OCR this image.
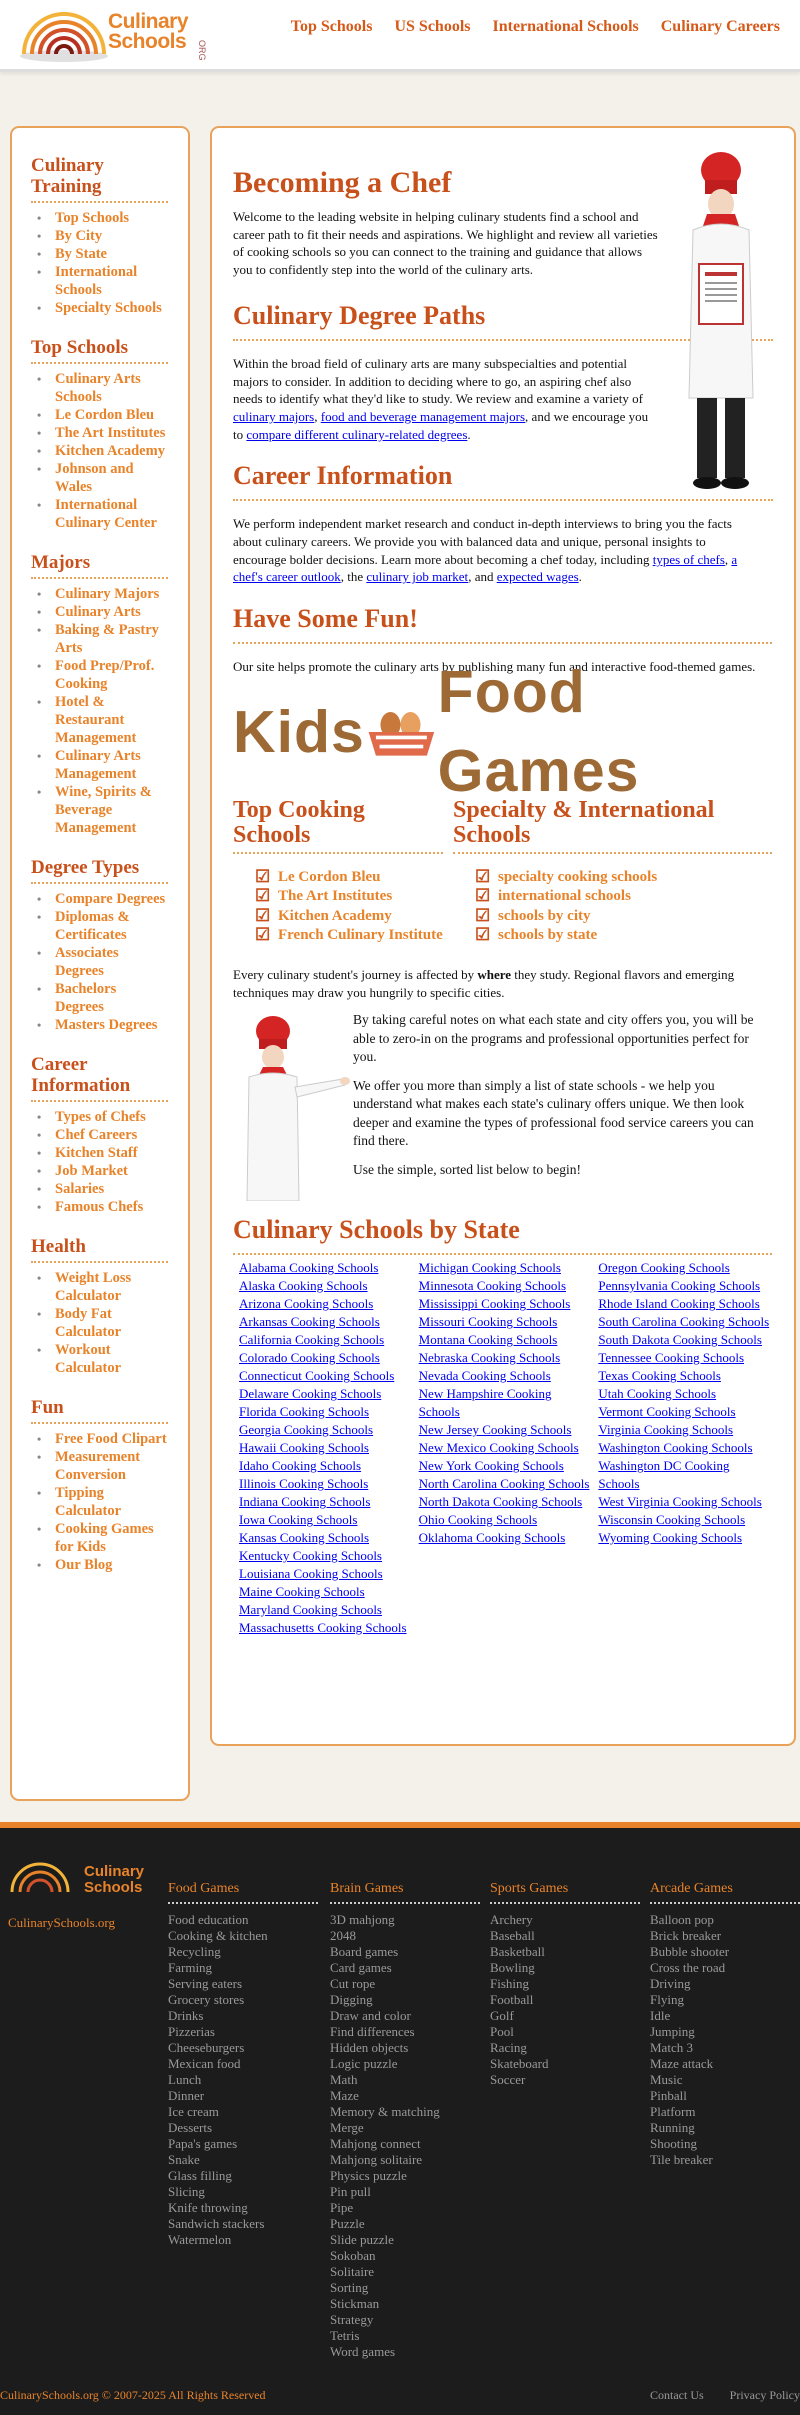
Culinary
Schools ORG
Top Schools US Schools International Schools Culinary Careers
Culinary Training
• Top Schools
• By City
• By State
• International Schools
• Specialty Schools
Top Schools
• Culinary Arts Schools
• Le Cordon Bleu
• The Art Institutes
• Kitchen Academy
• Johnson and Wales
• International Culinary Center
Majors
• Culinary Majors
• Culinary Arts
• Baking & Pastry Arts
• Food Prep/Prof. Cooking
• Hotel & Restaurant Management
• Culinary Arts Management
• Wine, Spirits & Beverage Management
Degree Types
• Compare Degrees
• Diplomas & Certificates
• Associates Degrees
• Bachelors Degrees
• Masters Degrees
Career Information
• Types of Chefs
• Chef Careers
• Kitchen Staff
• Job Market
• Salaries
• Famous Chefs
Health
• Weight Loss Calculator
• Body Fat Calculator
• Workout Calculator
Fun
• Free Food Clipart
• Measurement Conversion
• Tipping Calculator
• Cooking Games for Kids
• Our Blog
Becoming a Chef

Welcome to the leading website in helping culinary students find a school and career path to fit their needs and aspirations. We highlight and review all varieties of cooking schools so you can connect to the training and guidance that allows you to confidently step into the world of the culinary arts.

Culinary Degree Paths

Within the broad field of culinary arts are many subspecialties and potential majors to consider. In addition to deciding where to go, an aspiring chef also needs to identify what they'd like to study. We review and examine a variety of culinary majors, food and beverage management majors, and we encourage you to compare different culinary-related degrees.

Career Information

We perform independent market research and conduct in-depth interviews to bring you the facts about culinary careers. We provide you with balanced data and unique, personal insights to encourage bolder decisions. Learn more about becoming a chef today, including types of chefs, a chef's career outlook, the culinary job market, and expected wages.

Have Some Fun!

Our site helps promote the culinary arts by publishing many fun and interactive food-themed games.

Kids
Food Games
Top Cooking Schools
☑ Le Cordon Bleu
☑ The Art Institutes
☑ Kitchen Academy
☑ French Culinary Institute
Specialty & International Schools
☑ specialty cooking schools
☑ international schools
☑ schools by city
☑ schools by state

Every culinary student's journey is affected by where they study. Regional flavors and emerging techniques may draw you hungrily to specific cities.

By taking careful notes on what each state and city offers you, you will be able to zero-in on the programs and professional opportunities perfect for you.

We offer you more than simply a list of state schools - we help you understand what makes each state's culinary offers unique. We then look deeper and examine the types of professional food service careers you can find there.

Use the simple, sorted list below to begin!

Culinary Schools by State
Alabama Cooking Schools
Alaska Cooking Schools
Arizona Cooking Schools
Arkansas Cooking Schools
California Cooking Schools
Colorado Cooking Schools
Connecticut Cooking Schools
Delaware Cooking Schools
Florida Cooking Schools
Georgia Cooking Schools
Hawaii Cooking Schools
Idaho Cooking Schools
Illinois Cooking Schools
Indiana Cooking Schools
Iowa Cooking Schools
Kansas Cooking Schools
Kentucky Cooking Schools
Louisiana Cooking Schools
Maine Cooking Schools
Maryland Cooking Schools
Massachusetts Cooking Schools
Michigan Cooking Schools
Minnesota Cooking Schools
Mississippi Cooking Schools
Missouri Cooking Schools
Montana Cooking Schools
Nebraska Cooking Schools
Nevada Cooking Schools
New Hampshire Cooking Schools
New Jersey Cooking Schools
New Mexico Cooking Schools
New York Cooking Schools
North Carolina Cooking Schools
North Dakota Cooking Schools
Ohio Cooking Schools
Oklahoma Cooking Schools
Oregon Cooking Schools
Pennsylvania Cooking Schools
Rhode Island Cooking Schools
South Carolina Cooking Schools
South Dakota Cooking Schools
Tennessee Cooking Schools
Texas Cooking Schools
Utah Cooking Schools
Vermont Cooking Schools
Virginia Cooking Schools
Washington Cooking Schools
Washington DC Cooking Schools
West Virginia Cooking Schools
Wisconsin Cooking Schools
Wyoming Cooking Schools
Culinary
Schools
CulinarySchools.org
Food Games
Food education
Cooking & kitchen
Recycling
Farming
Serving eaters
Grocery stores
Drinks
Pizzerias
Cheeseburgers
Mexican food
Lunch
Dinner
Ice cream
Desserts
Papa's games
Snake
Glass filling
Slicing
Knife throwing
Sandwich stackers
Watermelon
Brain Games
3D mahjong
2048
Board games
Card games
Cut rope
Digging
Draw and color
Find differences
Hidden objects
Logic puzzle
Math
Maze
Memory & matching
Merge
Mahjong connect
Mahjong solitaire
Physics puzzle
Pin pull
Pipe
Puzzle
Slide puzzle
Sokoban
Solitaire
Sorting
Stickman
Strategy
Tetris
Word games
Sports Games
Archery
Baseball
Basketball
Bowling
Fishing
Football
Golf
Pool
Racing
Skateboard
Soccer
Arcade Games
Balloon pop
Brick breaker
Bubble shooter
Cross the road
Driving
Flying
Idle
Jumping
Match 3
Maze attack
Music
Pinball
Platform
Running
Shooting
Tile breaker
CulinarySchools.org © 2007-2025 All Rights Reserved	Contact Us Privacy Policy
